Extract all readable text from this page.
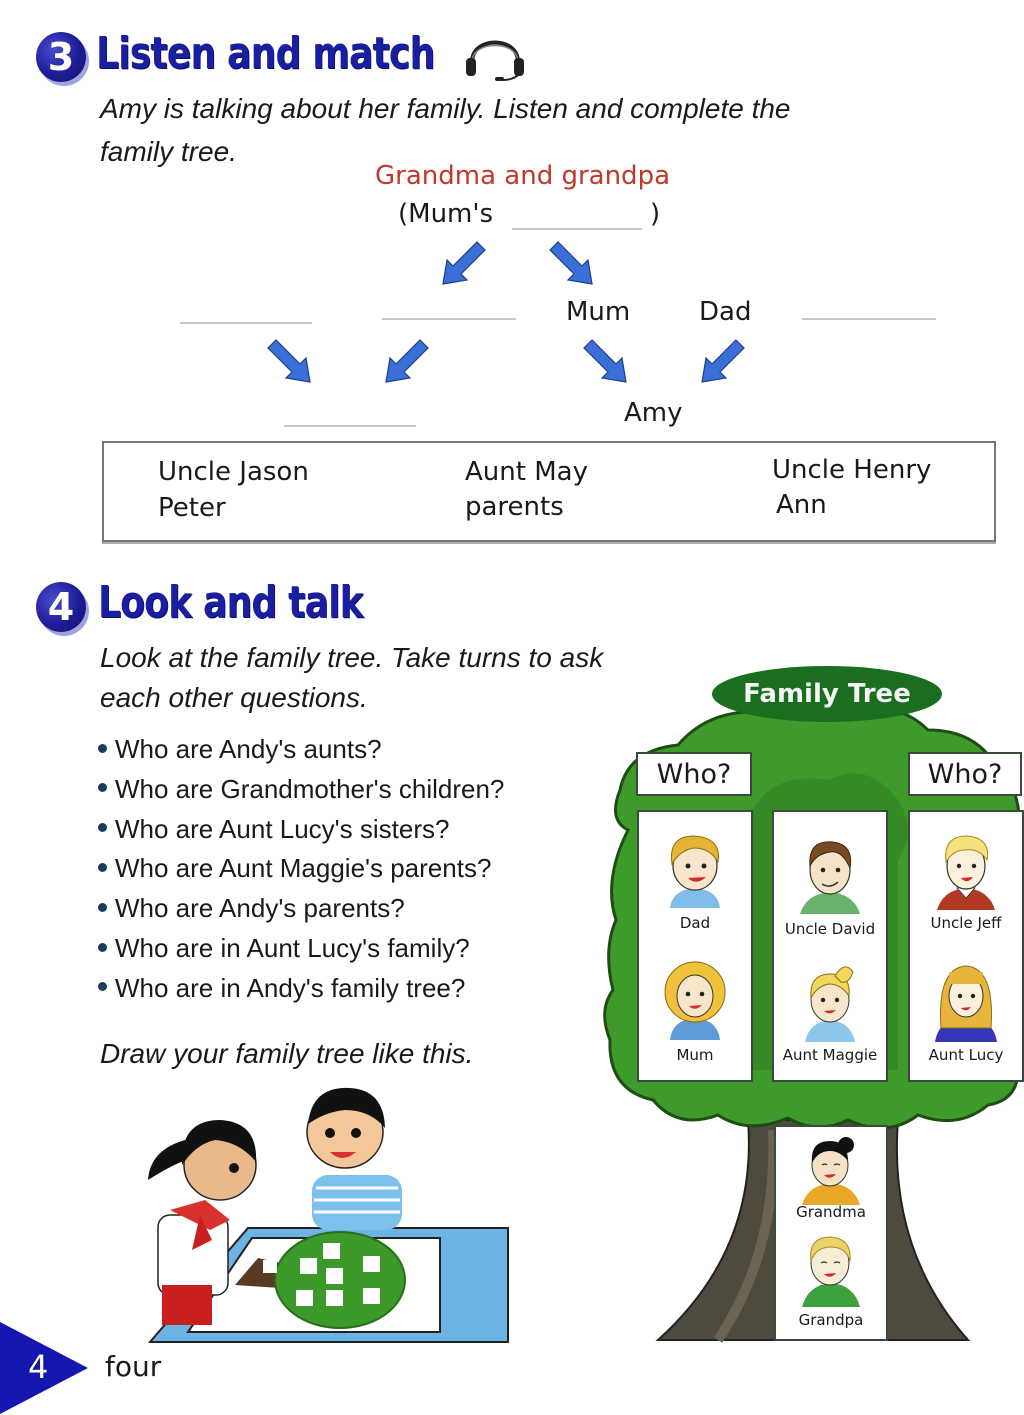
3 Listen and match
Amy is talking about her family. Listen and complete the
family tree.
Grandma and grandpa
(Mum's	)
Mum	Dad
Amy
Uncle Jason	Aunt May	Uncle Henry
Peter	parents	Ann
4 Look and talk
Look at the family tree. Take turns to ask
each other questions.
Who are Andy's aunts?
Who are Grandmother's children?
Who are Aunt Lucy's sisters?
Who are Aunt Maggie's parents?
Who are Andy's parents?
Who are in Aunt Lucy's family?
Who are in Andy's family tree?
Draw your family tree like this.
Family Tree
Who?	Who?
Dad
Mum
Uncle David
Aunt Maggie
Uncle Jeff
Aunt Lucy
Grandma
Grandpa
4 four
